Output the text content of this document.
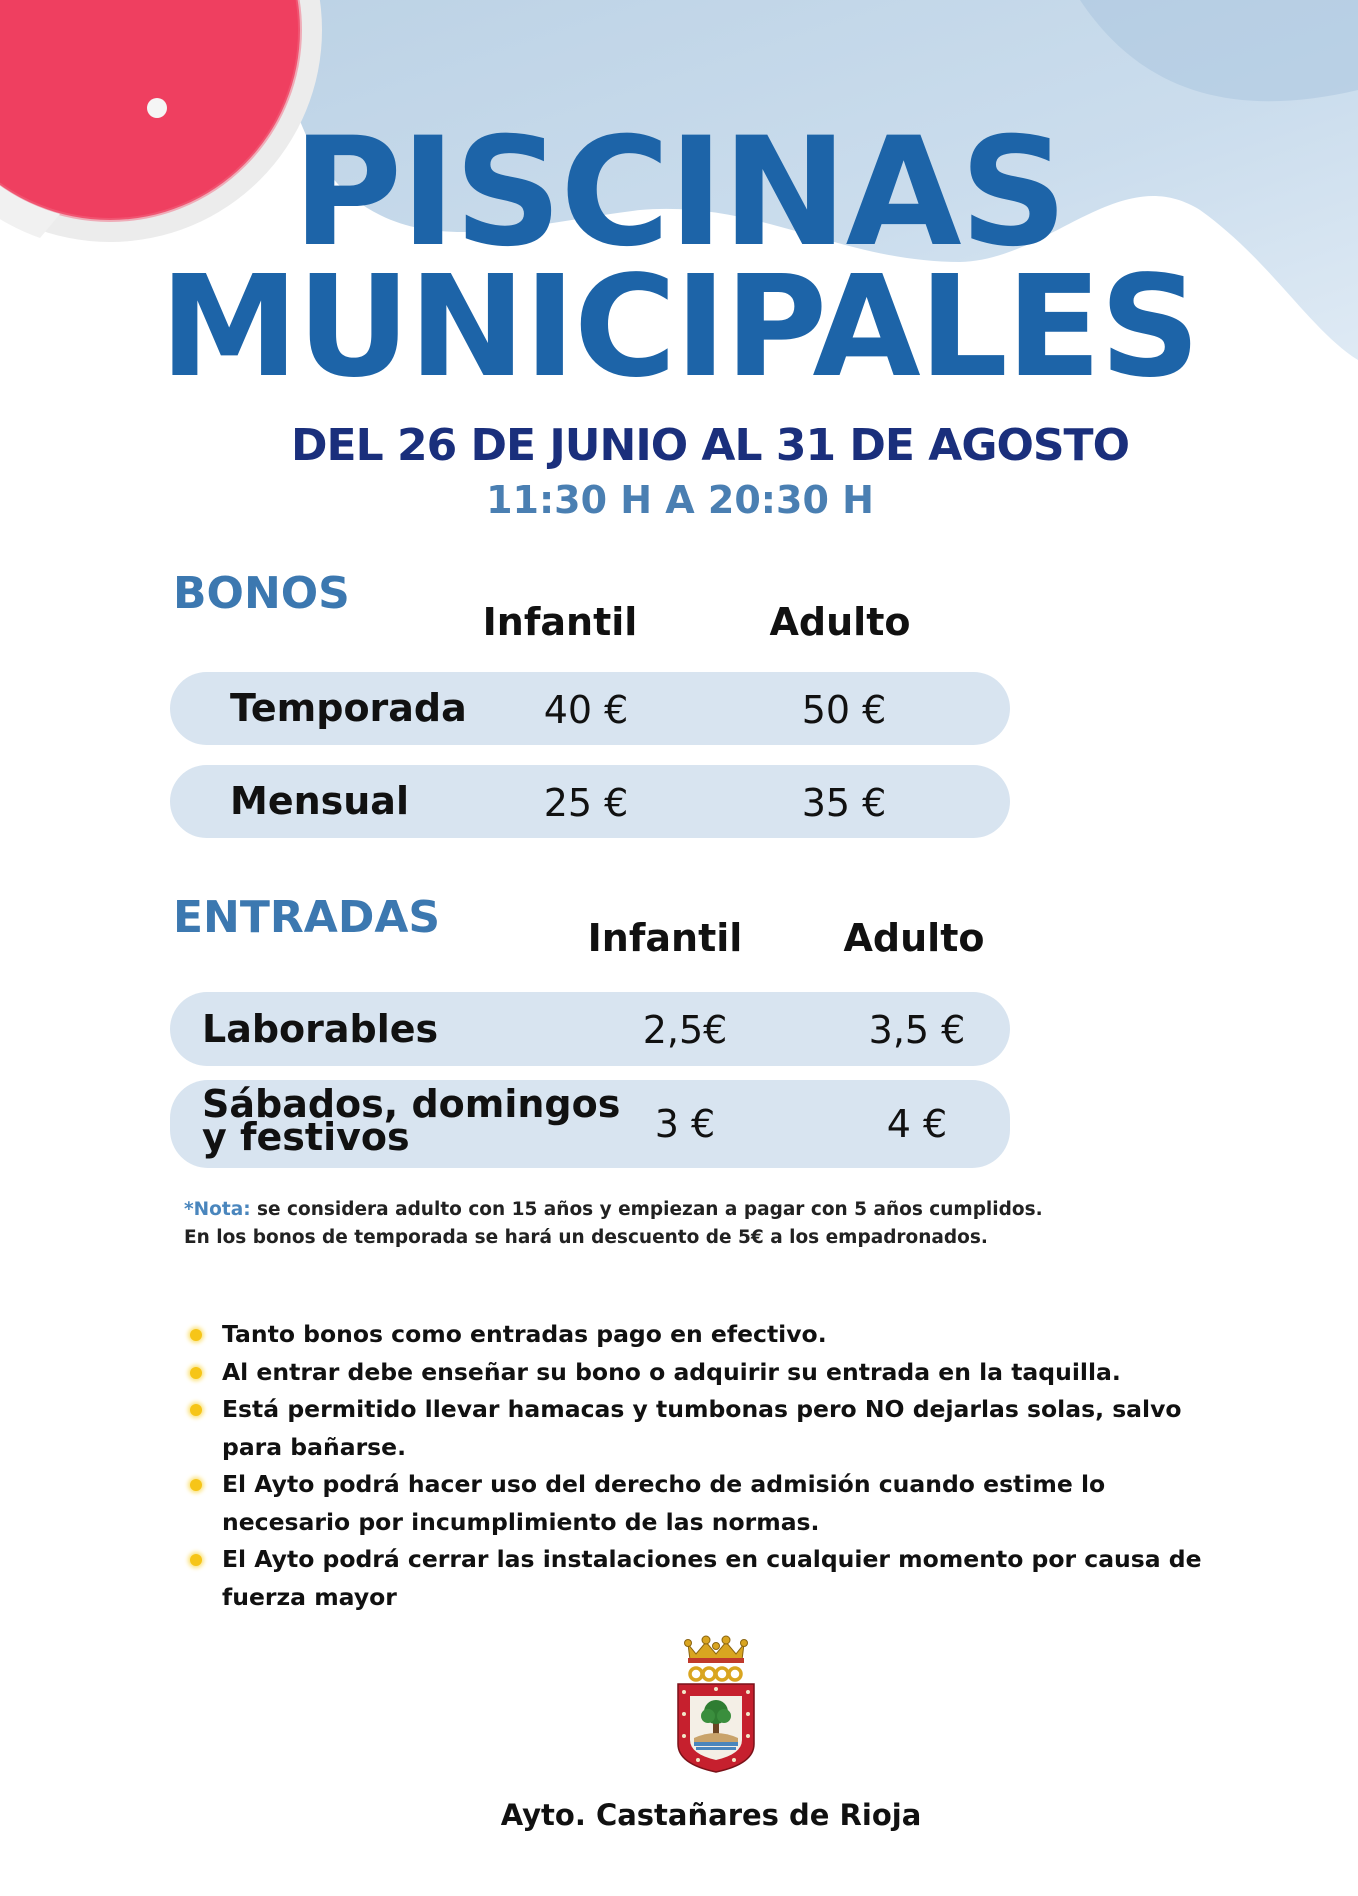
PISCINAS
MUNICIPALES
DEL 26 DE JUNIO AL 31 DE AGOSTO
11:30 H A 20:30 H
BONOS
Infantil	Adulto
Temporada	40 €	50 €
Mensual	25 €	35 €
ENTRADAS	Infantil	Adulto
Laborables	2,5€	3,5 €
Sábados, domingos
y festivos	3 €	4 €
*Nota: se considera adulto con 15 años y empiezan a pagar con 5 años cumplidos.
En los bonos de temporada se hará un descuento de 5€ a los empadronados.
Tanto bonos como entradas pago en efectivo.
Al entrar debe enseñar su bono o adquirir su entrada en la taquilla.
Está permitido llevar hamacas y tumbonas pero NO dejarlas solas, salvo para bañarse.
El Ayto podrá hacer uso del derecho de admisión cuando estime lo necesario por incumplimiento de las normas.
El Ayto podrá cerrar las instalaciones en cualquier momento por causa de fuerza mayor
Ayto. Castañares de Rioja
